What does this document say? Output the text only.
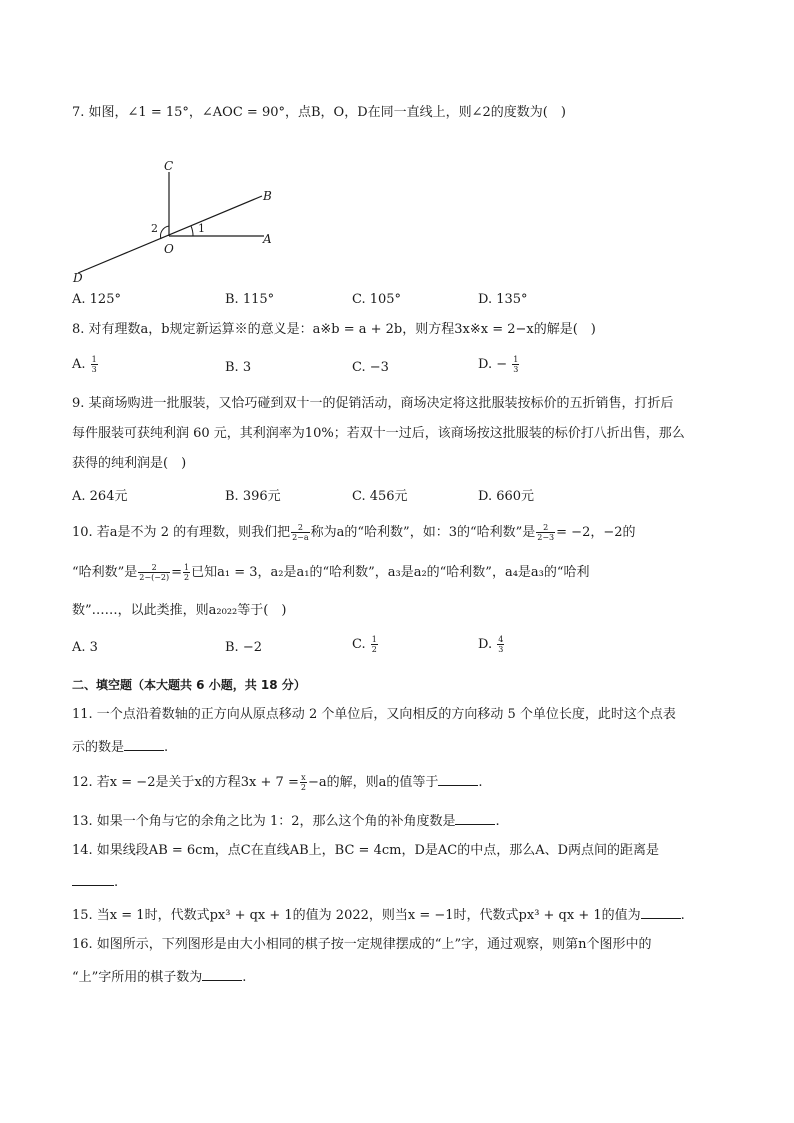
7. 如图，∠1 = 15°，∠AOC = 90°，点B，O，D在同一直线上，则∠2的度数为(　)
C
B
A
O
D
1
2
A. 125°	B. 115°	C. 105°	D. 135°
8. 对有理数a，b规定新运算※的意义是：a※b = a + 2b，则方程3x※x = 2−x的解是(　)
A. $\frac{1}{3}$	B. 3	C. −3	D. − $\frac{1}{3}$
9. 某商场购进一批服装，又恰巧碰到双十一的促销活动，商场决定将这批服装按标价的五折销售，打折后
每件服装可获纯利润 60 元，其利润率为10%；若双十一过后，该商场按这批服装的标价打八折出售，那么
获得的纯利润是(　)
A. 264元	B. 396元	C. 456元	D. 660元
10. 若a是不为 2 的有理数，则我们把 $\frac{2}{2-a}$ 称为a的“哈利数”，如：3的“哈利数”是 $\frac{2}{2-3} = -2$，−2的
“哈利数”是 $\frac{2}{2-(-2)} = \frac{1}{2}$ 已知a₁ = 3，a₂是a₁的“哈利数”，a₃是a₂的“哈利数”，a₄是a₃的“哈利
数”……，以此类推，则a₂₀₂₂等于(　)
A. 3	B. −2	C. $\frac{1}{2}$	D. $\frac{4}{3}$
二、填空题（本大题共 6 小题，共 18 分）
11. 一个点沿着数轴的正方向从原点移动 2 个单位后，又向相反的方向移动 5 个单位长度，此时这个点表
示的数是	.
12. 若x = −2是关于x的方程$3x + 7 = \frac{x}{2} -a$的解，则a的值等于	.
13. 如果一个角与它的余角之比为 1：2，那么这个角的补角度数是	.
14. 如果线段AB = 6cm，点C在直线AB上，BC = 4cm，D是AC的中点，那么A、D两点间的距离是
.
15. 当x = 1时，代数式px³ + qx + 1的值为 2022，则当x = −1时，代数式px³ + qx + 1的值为	.
16. 如图所示，下列图形是由大小相同的棋子按一定规律摆成的“上”字，通过观察，则第n个图形中的
“上”字所用的棋子数为	.
